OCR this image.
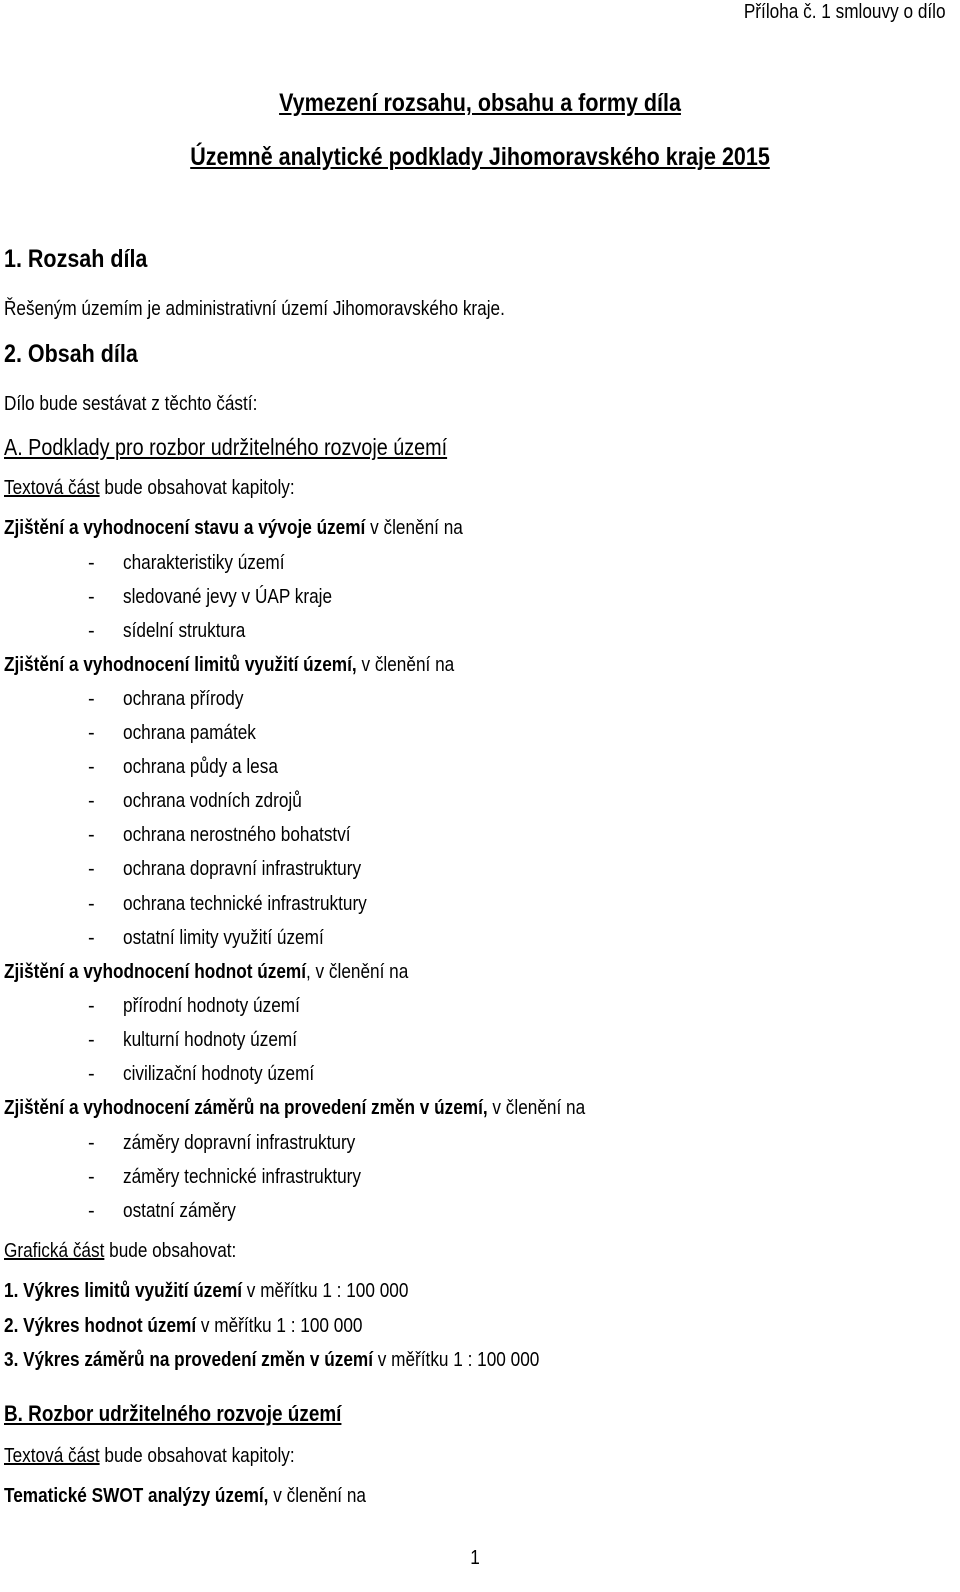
Příloha č. 1 smlouvy o dílo
Vymezení rozsahu, obsahu a formy díla
Územně analytické podklady Jihomoravského kraje 2015
1. Rozsah díla
Řešeným územím je administrativní území Jihomoravského kraje.
2. Obsah díla
Dílo bude sestávat z těchto částí:
A. Podklady pro rozbor udržitelného rozvoje území
Textová část bude obsahovat kapitoly:
Zjištění a vyhodnocení stavu a vývoje území v členění na
- charakteristiky území
- sledované jevy v ÚAP kraje
- sídelní struktura
Zjištění a vyhodnocení limitů využití území, v členění na
- ochrana přírody
- ochrana památek
- ochrana půdy a lesa
- ochrana vodních zdrojů
- ochrana nerostného bohatství
- ochrana dopravní infrastruktury
- ochrana technické infrastruktury
- ostatní limity využití území
Zjištění a vyhodnocení hodnot území, v členění na
- přírodní hodnoty území
- kulturní hodnoty území
- civilizační hodnoty území
Zjištění a vyhodnocení záměrů na provedení změn v území, v členění na
- záměry dopravní infrastruktury
- záměry technické infrastruktury
- ostatní záměry
Grafická část bude obsahovat:
1. Výkres limitů využití území v měřítku 1 : 100 000
2. Výkres hodnot území v měřítku 1 : 100 000
3. Výkres záměrů na provedení změn v území v měřítku 1 : 100 000
B. Rozbor udržitelného rozvoje území
Textová část bude obsahovat kapitoly:
Tematické SWOT analýzy území, v členění na
1
